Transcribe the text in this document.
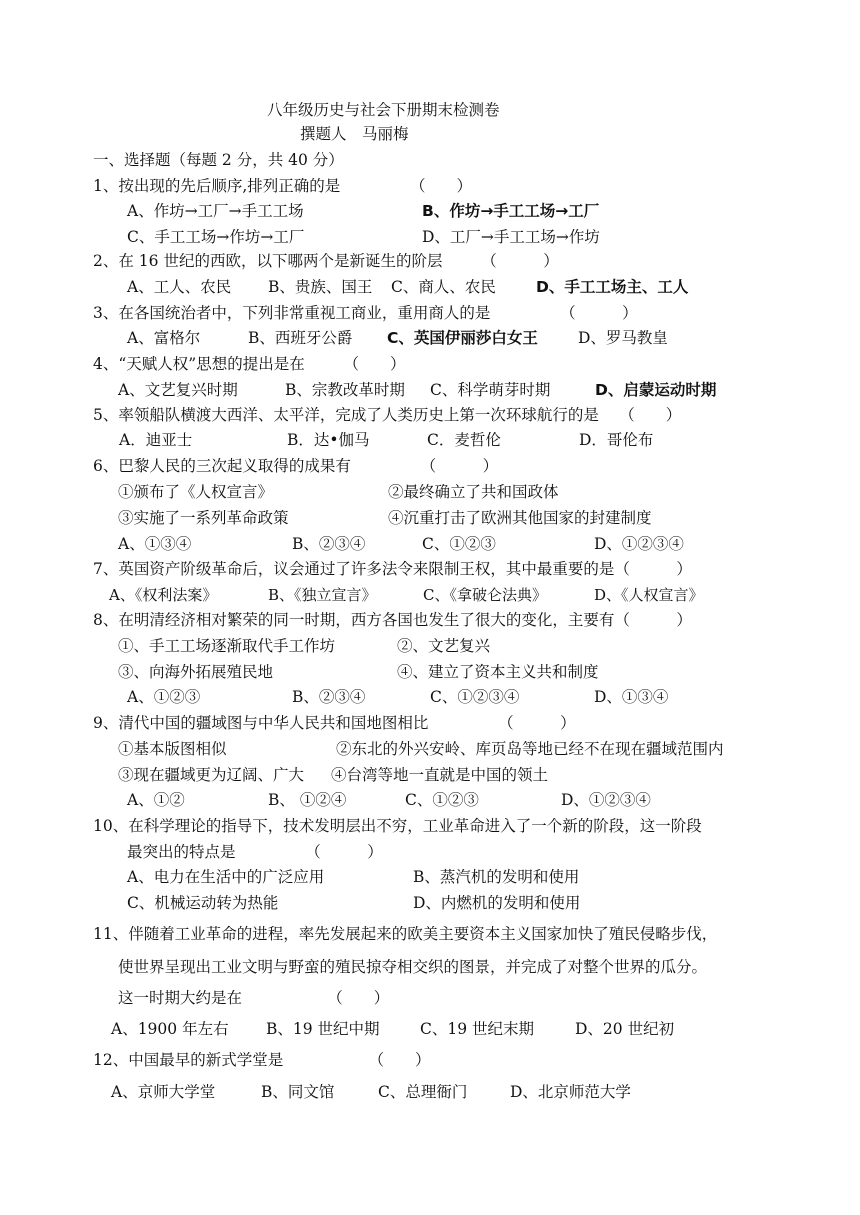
八年级历史与社会下册期末检测卷
撰题人　马丽梅
一、选择题（每题 2 分，共 40 分）
1、按出现的先后顺序,排列正确的是　　　　　（　　）
A、作坊→工厂→手工工场	B、作坊→手工工场→工厂
C、手工工场→作坊→工厂	D、工厂→手工工场→作坊
2、在 16 世纪的西欧，以下哪两个是新诞生的阶层　　　（　　　）
A、工人、农民 B、贵族、国王 C、商人、农民	D、手工工场主、工人
3、在各国统治者中，下列非常重视工商业，重用商人的是　　　　　（　　　）
A、富格尔	B、西班牙公爵 C、英国伊丽莎白女王	D、罗马教皇
4、“天赋人权”思想的提出是在　　　（　　）
A、文艺复兴时期	B、宗教改革时期 C、科学萌芽时期	D、启蒙运动时期
5、率领船队横渡大西洋、太平洋，完成了人类历史上第一次环球航行的是　 （　　）
A．迪亚士	B．达•伽马	C．麦哲伦	D．哥伦布
6、巴黎人民的三次起义取得的成果有　　　　　（　　　）
①颁布了《人权宣言》	②最终确立了共和国政体
③实施了一系列革命政策	④沉重打击了欧洲其他国家的封建制度
A、①③④	B、②③④	C、①②③	D、①②③④
7、英国资产阶级革命后，议会通过了许多法令来限制王权，其中最重要的是（　　　）
A、《权利法案》	B、《独立宣言》	C、《拿破仑法典》	D、《人权宣言》
8、在明清经济相对繁荣的同一时期，西方各国也发生了很大的变化，主要有（　　　）
①、手工工场逐渐取代手工作坊	②、文艺复兴
③、向海外拓展殖民地	④、建立了资本主义共和制度
A、①②③	B、②③④	C、①②③④	D、①③④
9、清代中国的疆域图与中华人民共和国地图相比　　　　　（　　　）
①基本版图相似	②东北的外兴安岭、库页岛等地已经不在现在疆域范围内
③现在疆域更为辽阔、广大 ④台湾等地一直就是中国的领土
A、①②	B、 ①②④	C、①②③	D、①②③④
10、在科学理论的指导下，技术发明层出不穷，工业革命进入了一个新的阶段，这一阶段
最突出的特点是　　　　　（　　　）
A、电力在生活中的广泛应用	B、蒸汽机的发明和使用
C、机械运动转为热能	D、内燃机的发明和使用
11、伴随着工业革命的进程，率先发展起来的欧美主要资本主义国家加快了殖民侵略步伐，
使世界呈现出工业文明与野蛮的殖民掠夺相交织的图景，并完成了对整个世界的瓜分。
这一时期大约是在　　　　　　（　　）
A、1900 年左右 B、19 世纪中期	C、19 世纪末期	D、20 世纪初
12、中国最早的新式学堂是　　　　　　（　　）
A、京师大学堂	B、同文馆	C、总理衙门	D、北京师范大学
